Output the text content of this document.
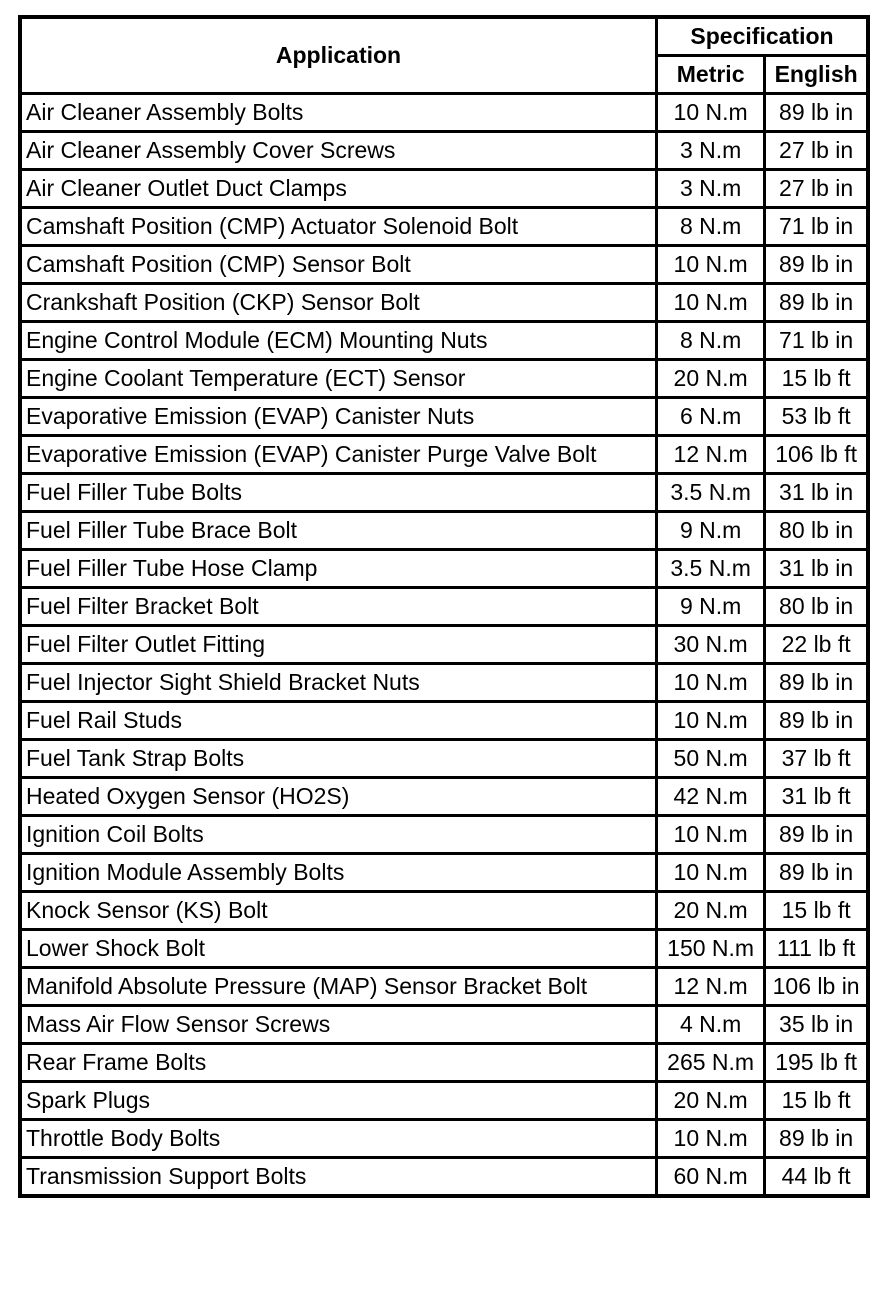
Application	Specification	
	Metric	English
Air Cleaner Assembly Bolts	10 N.m	89 lb in
Air Cleaner Assembly Cover Screws	3 N.m	27 lb in
Air Cleaner Outlet Duct Clamps	3 N.m	27 lb in
Camshaft Position (CMP) Actuator Solenoid Bolt	8 N.m	71 lb in
Camshaft Position (CMP) Sensor Bolt	10 N.m	89 lb in
Crankshaft Position (CKP) Sensor Bolt	10 N.m	89 lb in
Engine Control Module (ECM) Mounting Nuts	8 N.m	71 lb in
Engine Coolant Temperature (ECT) Sensor	20 N.m	15 lb ft
Evaporative Emission (EVAP) Canister Nuts	6 N.m	53 lb ft
Evaporative Emission (EVAP) Canister Purge Valve Bolt	12 N.m	106 lb ft
Fuel Filler Tube Bolts	3.5 N.m	31 lb in
Fuel Filler Tube Brace Bolt	9 N.m	80 lb in
Fuel Filler Tube Hose Clamp	3.5 N.m	31 lb in
Fuel Filter Bracket Bolt	9 N.m	80 lb in
Fuel Filter Outlet Fitting	30 N.m	22 lb ft
Fuel Injector Sight Shield Bracket Nuts	10 N.m	89 lb in
Fuel Rail Studs	10 N.m	89 lb in
Fuel Tank Strap Bolts	50 N.m	37 lb ft
Heated Oxygen Sensor (HO2S)	42 N.m	31 lb ft
Ignition Coil Bolts	10 N.m	89 lb in
Ignition Module Assembly Bolts	10 N.m	89 lb in
Knock Sensor (KS) Bolt	20 N.m	15 lb ft
Lower Shock Bolt	150 N.m	111 lb ft
Manifold Absolute Pressure (MAP) Sensor Bracket Bolt	12 N.m	106 lb in
Mass Air Flow Sensor Screws	4 N.m	35 lb in
Rear Frame Bolts	265 N.m	195 lb ft
Spark Plugs	20 N.m	15 lb ft
Throttle Body Bolts	10 N.m	89 lb in
Transmission Support Bolts	60 N.m	44 lb ft
